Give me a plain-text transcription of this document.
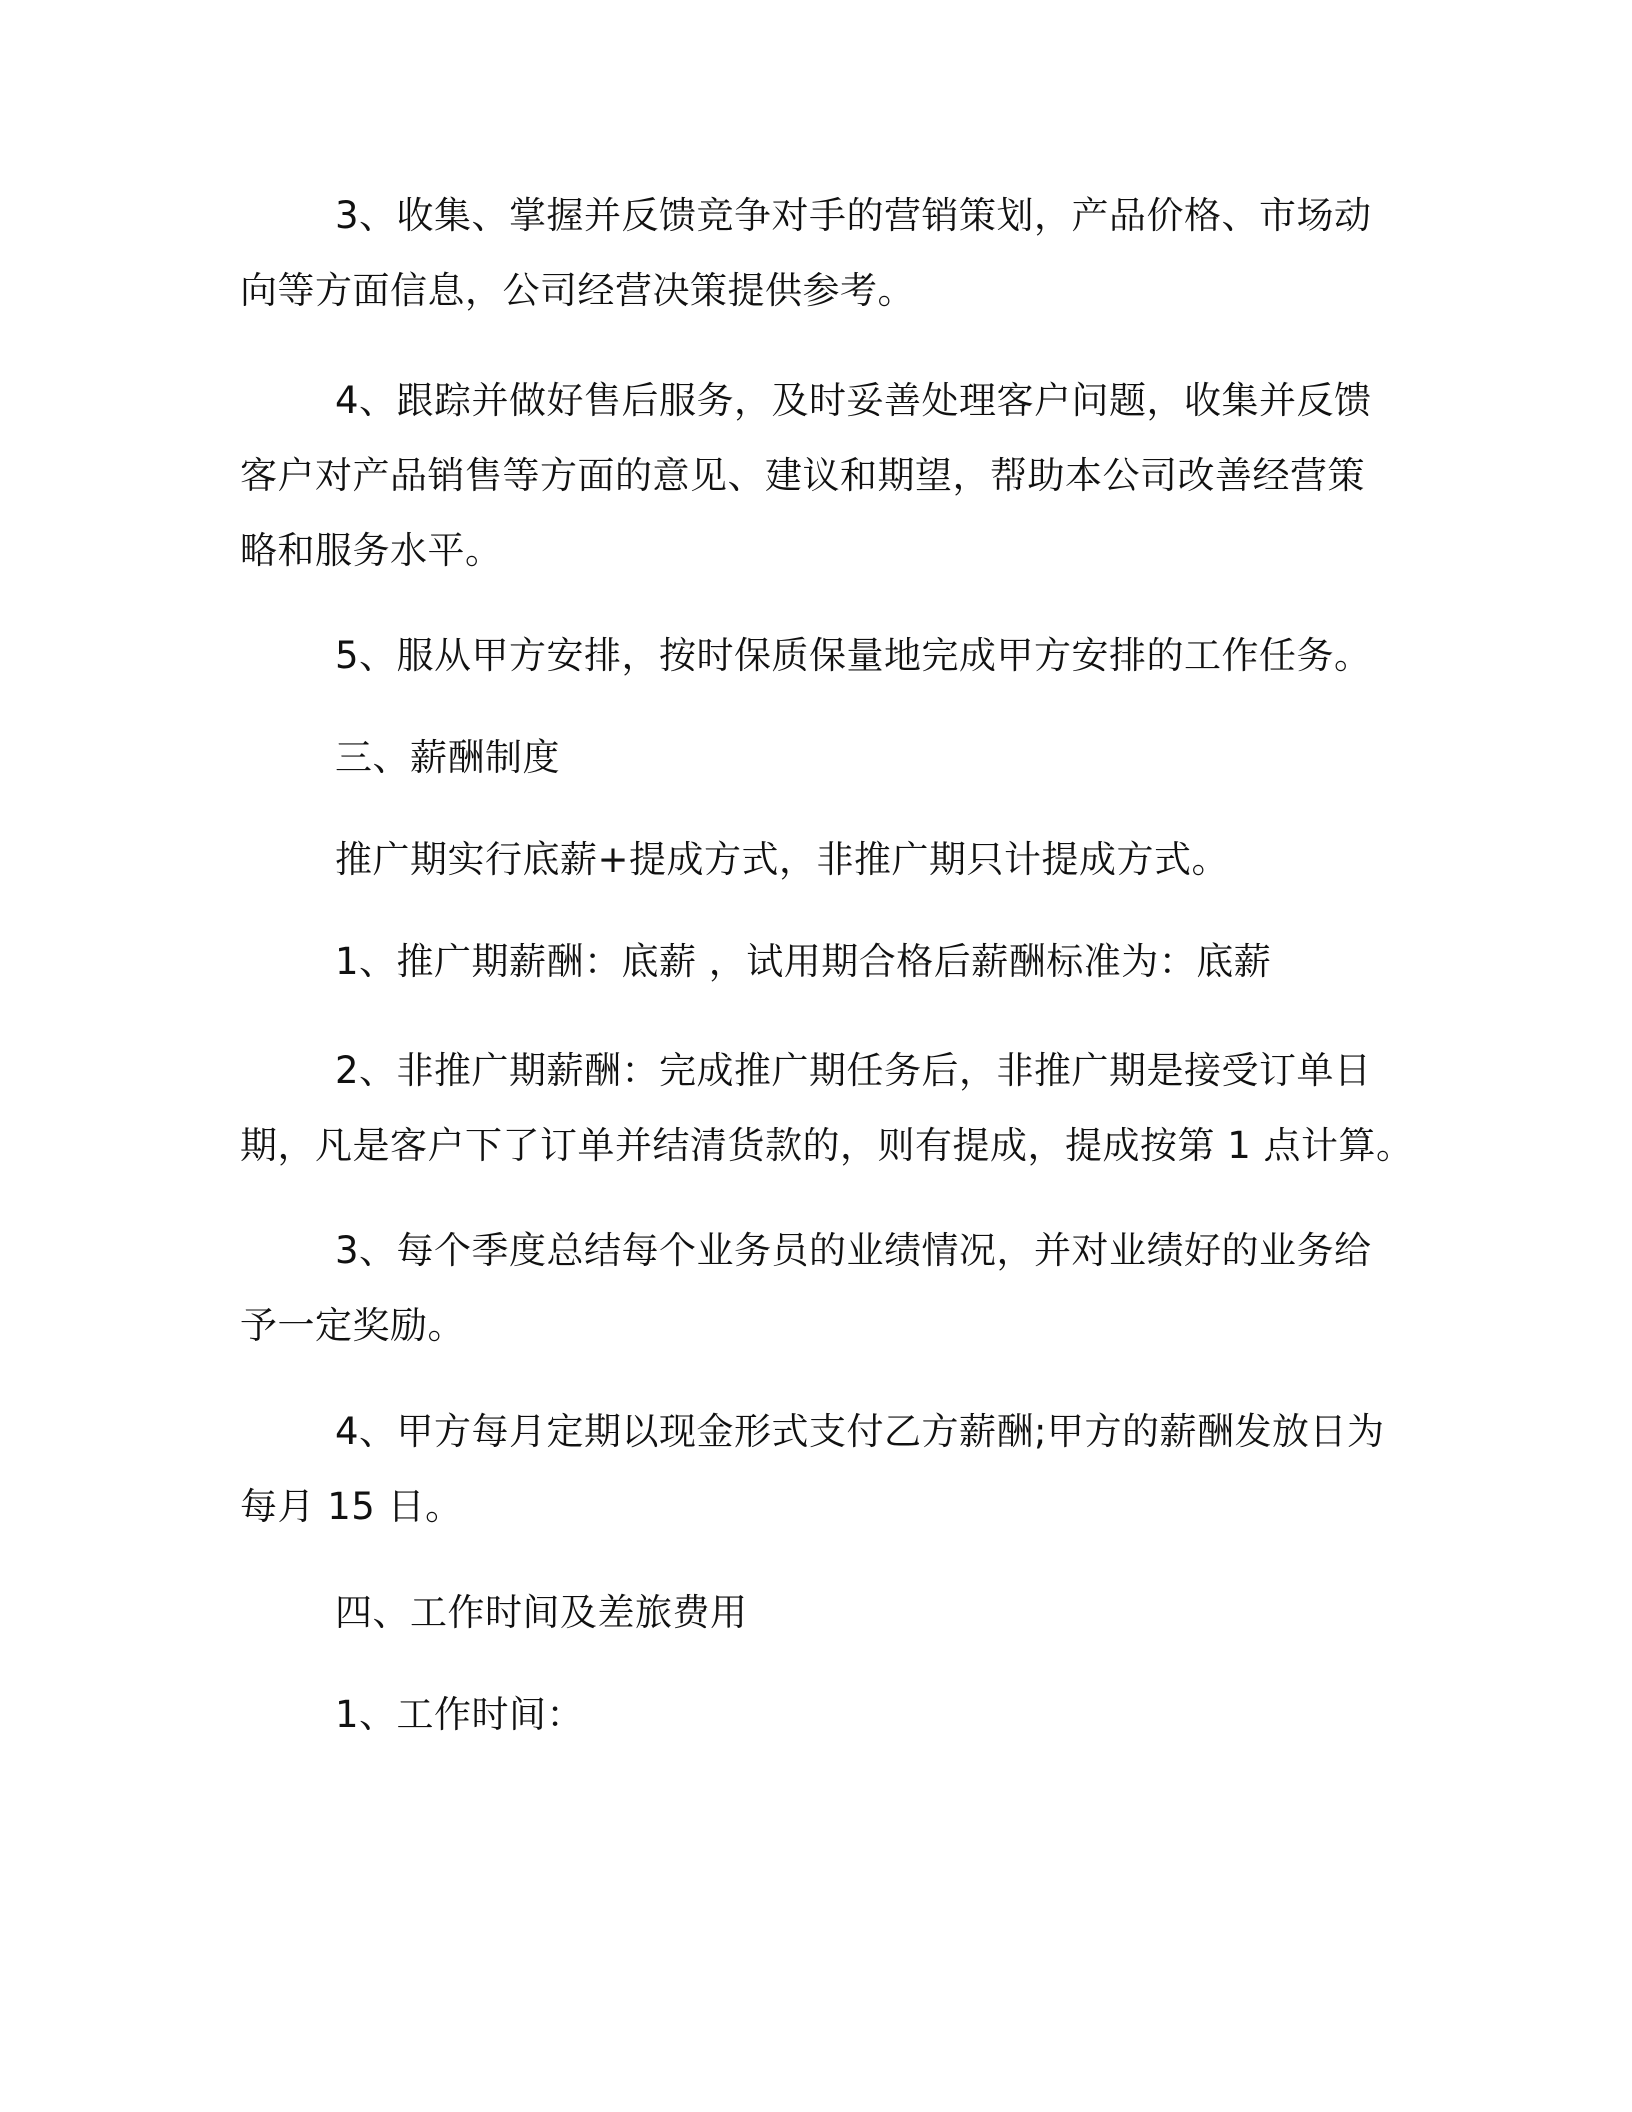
3、收集、掌握并反馈竞争对手的营销策划，产品价格、市场动
向等方面信息，公司经营决策提供参考。

4、跟踪并做好售后服务，及时妥善处理客户问题，收集并反馈
客户对产品销售等方面的意见、建议和期望，帮助本公司改善经营策
略和服务水平。

5、服从甲方安排，按时保质保量地完成甲方安排的工作任务。

三、薪酬制度

推广期实行底薪+提成方式，非推广期只计提成方式。

1、推广期薪酬：底薪 ，试用期合格后薪酬标准为：底薪

2、非推广期薪酬：完成推广期任务后，非推广期是接受订单日
期，凡是客户下了订单并结清货款的，则有提成，提成按第 1 点计算。

3、每个季度总结每个业务员的业绩情况，并对业绩好的业务给
予一定奖励。

4、甲方每月定期以现金形式支付乙方薪酬;甲方的薪酬发放日为
每月 15 日。

四、工作时间及差旅费用

1、工作时间：
